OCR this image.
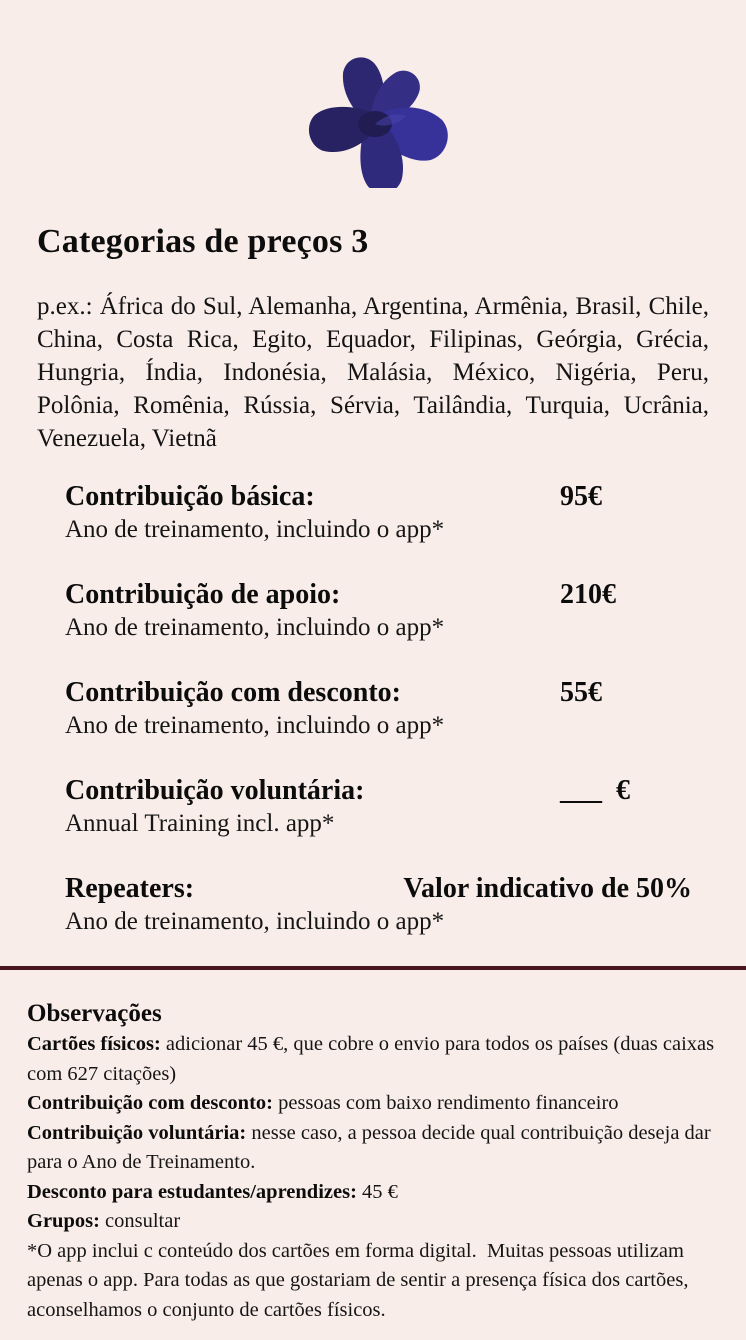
Categorias de preços 3

p.ex.: África do Sul, Alemanha, Argentina, Armênia, Brasil, Chile, China, Costa Rica, Egito, Equador, Filipinas, Geórgia, Grécia, Hungria, Índia, Indonésia, Malásia, México, Nigéria, Peru, Polônia, Romênia, Rússia, Sérvia, Tailândia, Turquia, Ucrânia, Venezuela, Vietnã

Contribuição básica:	95€
Ano de treinamento, incluindo o app*
Contribuição de apoio:	210€
Ano de treinamento, incluindo o app*
Contribuição com desconto:	55€
Ano de treinamento, incluindo o app*
Contribuição voluntária:	___  €
Annual Training incl. app*
Repeaters:	Valor indicativo de 50%
Ano de treinamento, incluindo o app*

Observações

Cartões físicos: adicionar 45 €, que cobre o envio para todos os países (duas caixas com 627 citações)

Contribuição com desconto: pessoas com baixo rendimento financeiro

Contribuição voluntária: nesse caso, a pessoa decide qual contribuição deseja dar para o Ano de Treinamento.

Desconto para estudantes/aprendizes: 45 €

Grupos: consultar

*O app inclui c conteúdo dos cartões em forma digital.  Muitas pessoas utilizam apenas o app. Para todas as que gostariam de sentir a presença física dos cartões, aconselhamos o conjunto de cartões físicos.
